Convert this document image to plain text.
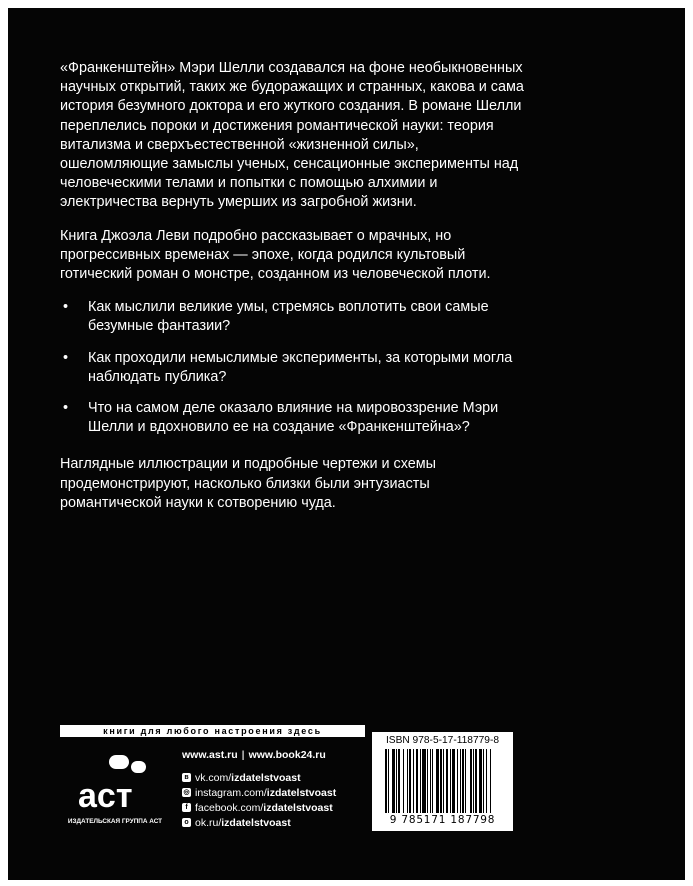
«Франкенштейн» Мэри Шелли создавался на фоне необыкновенных научных открытий, таких же будоражащих и странных, какова и сама история безумного доктора и его жуткого создания. В романе Шелли переплелись пороки и достижения романтической науки: теория витализма и сверхъестественной «жизненной силы», ошеломляющие замыслы ученых, сенсационные эксперименты над человеческими телами и попытки с помощью алхимии и электричества вернуть умерших из загробной жизни.

Книга Джоэла Леви подробно рассказывает о мрачных, но прогрессивных временах — эпохе, когда родился культовый готический роман о монстре, созданном из человеческой плоти.

• Как мыслили великие умы, стремясь воплотить свои самые безумные фантазии?
• Как проходили немыслимые эксперименты, за которыми могла наблюдать публика?
• Что на самом деле оказало влияние на мировоззрение Мэри Шелли и вдохновило ее на создание «Франкенштейна»?

Наглядные иллюстрации и подробные чертежи и схемы продемонстрируют, насколько близки были энтузиасты романтической науки к сотворению чуда.

книги для любого настроения здесь
аст
ИЗДАТЕЛЬСКАЯ ГРУППА АСТ
www.ast.ru | www.book24.ru
в vk.com/ izdatelstvoast
◎ instagram.com/ izdatelstvoast
f facebook.com/ izdatelstvoast
о ok.ru/ izdatelstvoast
ISBN 978-5-17-118779-8
9 785171 187798
